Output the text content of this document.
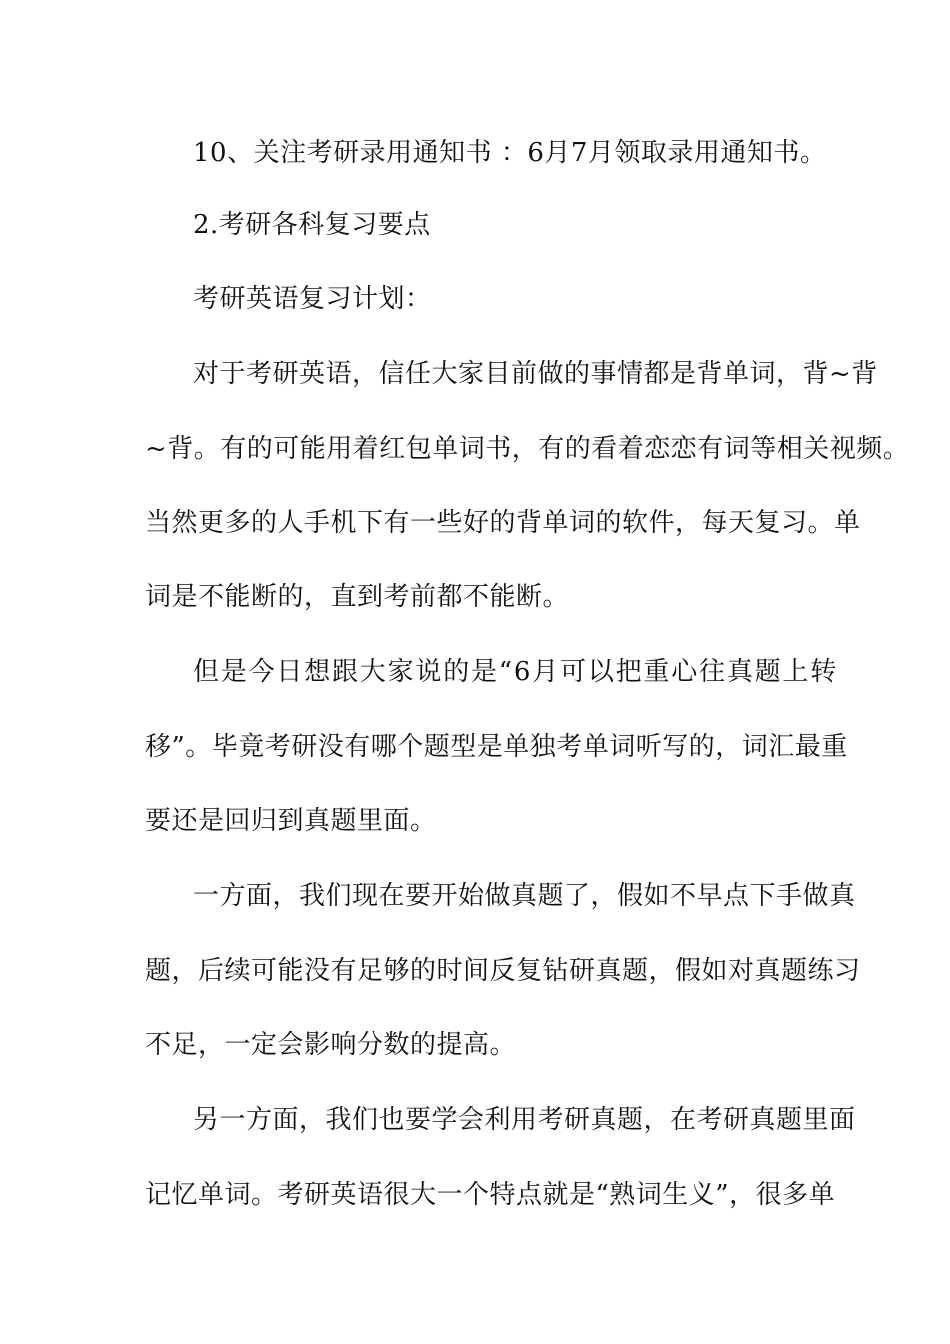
10、关注考研录用通知书 ：6月7月领取录用通知书。
2.考研各科复习要点
考研英语复习计划：
对于考研英语，信任大家目前做的事情都是背单词，背~背
~背。有的可能用着红包单词书，有的看着恋恋有词等相关视频。
当然更多的人手机下有一些好的背单词的软件，每天复习。单
词是不能断的，直到考前都不能断。
但是今日想跟大家说的是“6月可以把重心往真题上转
移”。毕竟考研没有哪个题型是单独考单词听写的，词汇最重
要还是回归到真题里面。
一方面，我们现在要开始做真题了，假如不早点下手做真
题，后续可能没有足够的时间反复钻研真题，假如对真题练习
不足，一定会影响分数的提高。
另一方面，我们也要学会利用考研真题，在考研真题里面
记忆单词。考研英语很大一个特点就是“熟词生义”，很多单
